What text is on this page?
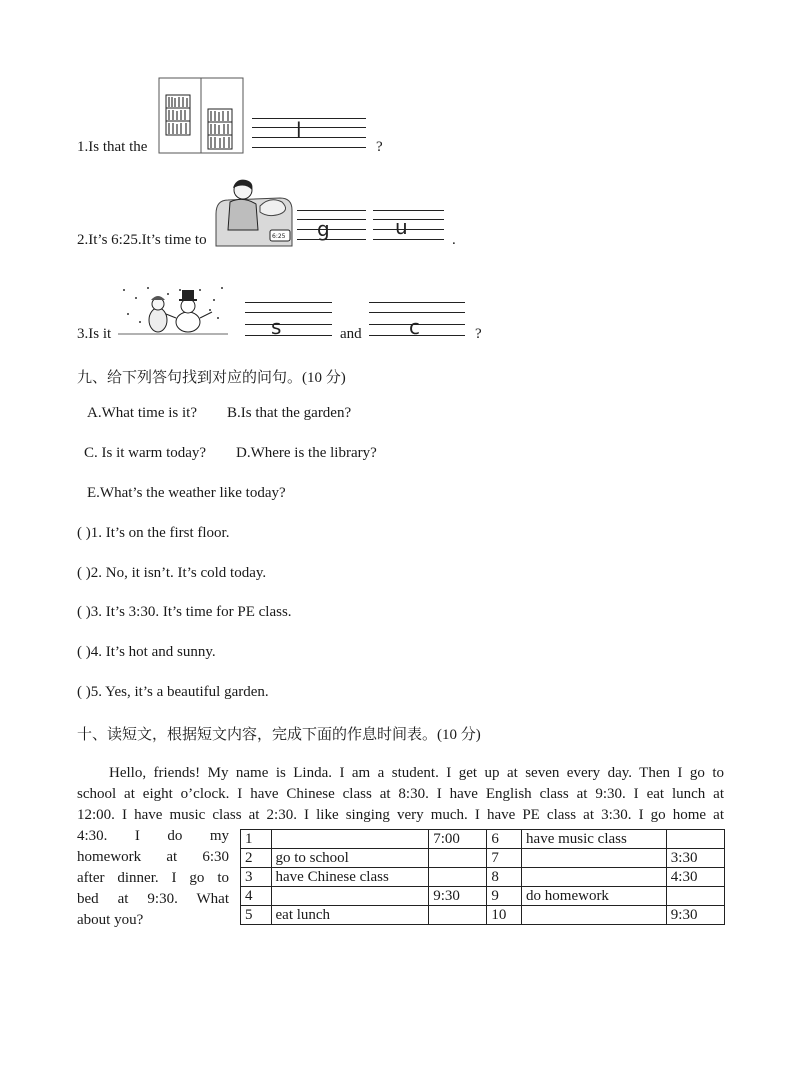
1.Is that the
l
?
2.It’s 6:25.It’s time to	6:25 g	u
.
3.Is it	s	and c	?
九、给下列答句找到对应的问句。(10 分)
A.What time is it? B.Is that the garden?
C. Is it warm today? D.Where is the library?
E.What’s the weather like today?
( )1. It’s on the first floor.
( )2. No, it isn’t. It’s cold today.
( )3. It’s 3:30. It’s time for PE class.
( )4. It’s hot and sunny.
( )5. Yes, it’s a beautiful garden.
十、读短文，根据短文内容，完成下面的作息时间表。(10 分)
Hello, friends! My name is Linda. I am a student. I get up at seven every day. Then I go to
school at eight o’clock. I have Chinese class at 8:30. I have English class at 9:30. I eat lunch at
12:00. I have music class at 2:30. I like singing very much. I have PE class at 3:30. I go home at
4:30. I do my
homework at 6:30
after dinner. I go to
bed at 9:30. What
about you?
1		7:00	6	have music class	
2	go to school		7		3:30
3	have Chinese class		8		4:30
4		9:30	9	do homework	
5	eat lunch		10		9:30
